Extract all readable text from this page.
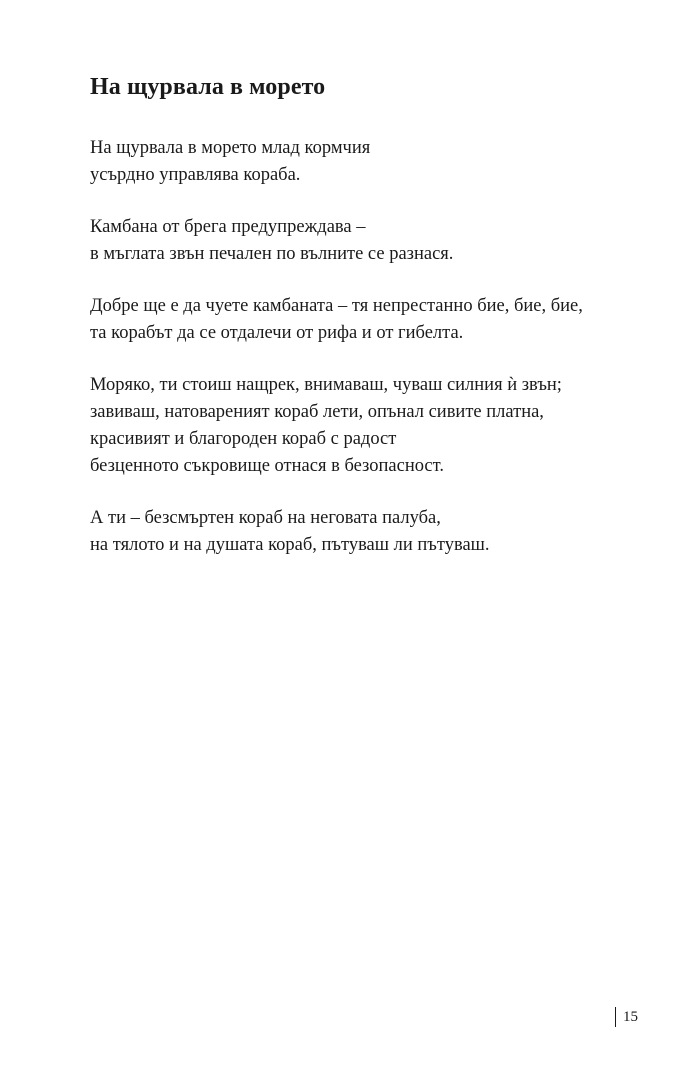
На щурвала в морето

На щурвала в морето млад кормчия
усърдно управлява кораба.

Камбана от брега предупреждава –
в мъглата звън печален по вълните се разнася.

Добре ще е да чуете камбаната – тя непрестанно бие, бие, бие,
та корабът да се отдалечи от рифа и от гибелта.

Моряко, ти стоиш нащрек, внимаваш, чуваш силния ѝ звън;
завиваш, натовареният кораб лети, опънал сивите платна,
красивият и благороден кораб с радост
безценното съкровище отнася в безопасност.

А ти – безсмъртен кораб на неговата палуба,
на тялото и на душата кораб, пътуваш ли пътуваш.

15
